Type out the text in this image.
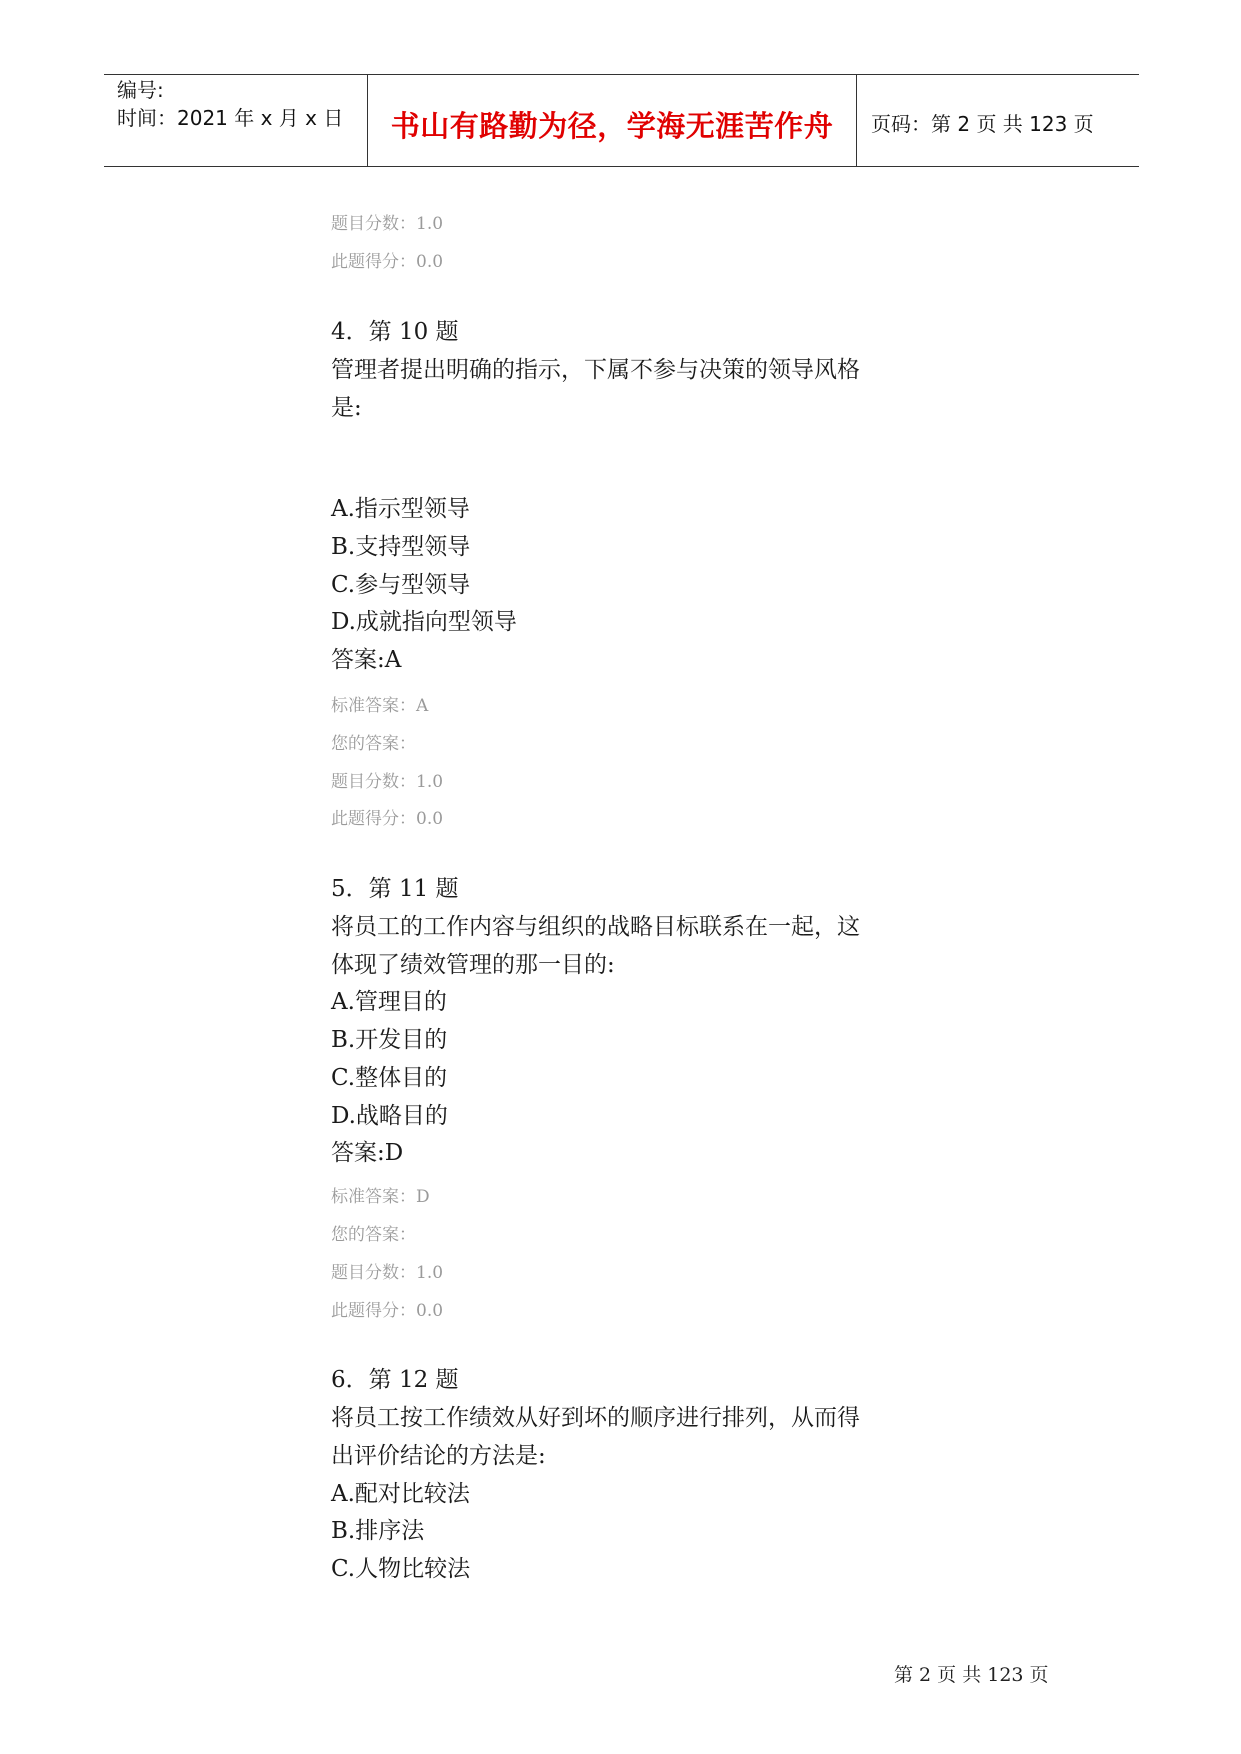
编号:
时间：2021 年 x 月 x 日	书山有路勤为径，学海无涯苦作舟	页码：第 2 页 共 123 页
题目分数：1.0
此题得分：0.0
4．第 10 题
管理者提出明确的指示，下属不参与决策的领导风格
是:
A.指示型领导
B.支持型领导
C.参与型领导
D.成就指向型领导
答案:A
标准答案：A
您的答案：
题目分数：1.0
此题得分：0.0
5．第 11 题
将员工的工作内容与组织的战略目标联系在一起，这
体现了绩效管理的那一目的:
A.管理目的
B.开发目的
C.整体目的
D.战略目的
答案:D
标准答案：D
您的答案：
题目分数：1.0
此题得分：0.0
6．第 12 题
将员工按工作绩效从好到坏的顺序进行排列，从而得
出评价结论的方法是:
A.配对比较法
B.排序法
C.人物比较法
第 2 页 共 123 页
